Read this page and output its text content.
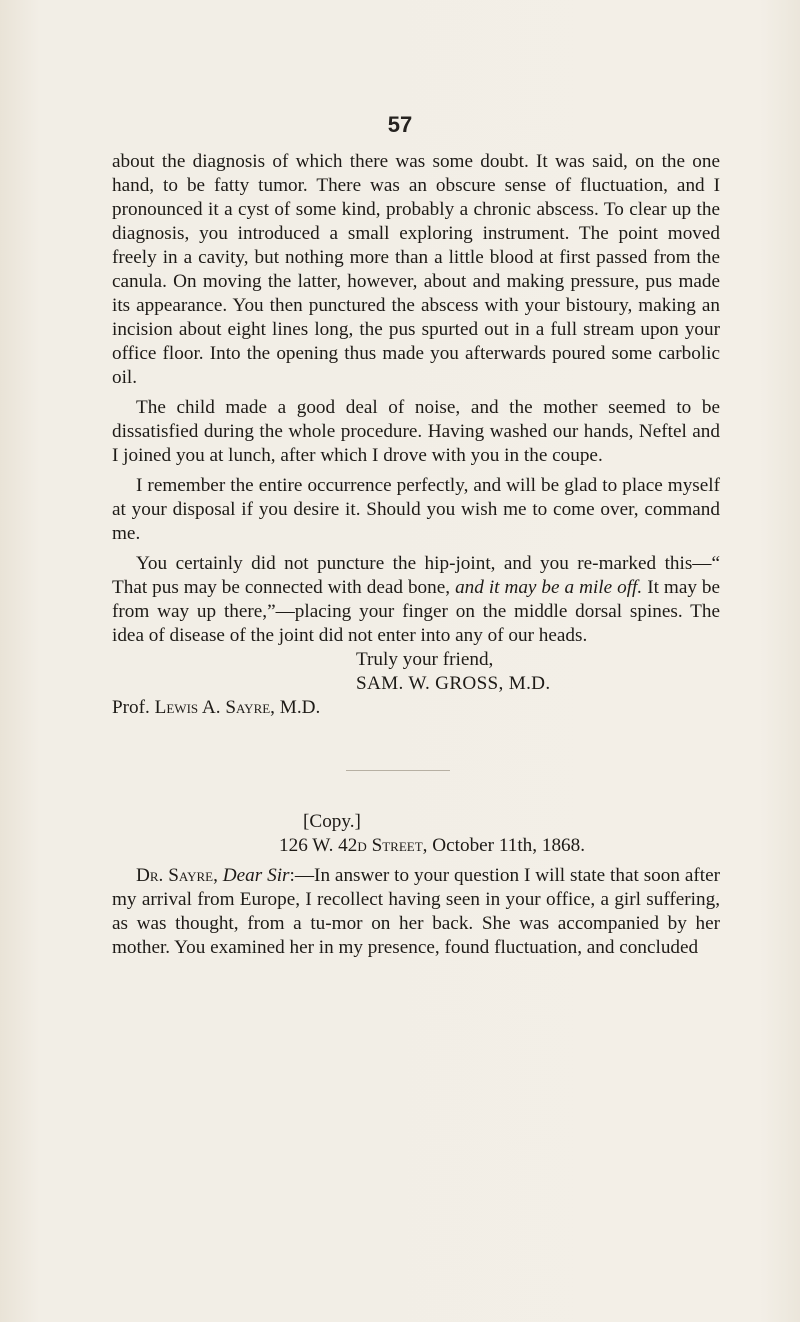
57

about the diagnosis of which there was some doubt. It was said, on the one hand, to be fatty tumor. There was an obscure sense of fluctuation, and I pronounced it a cyst of some kind, probably a chronic abscess. To clear up the diagnosis, you introduced a small exploring instrument. The point moved freely in a cavity, but nothing more than a little blood at first passed from the canula. On moving the latter, however, about and making pressure, pus made its appearance. You then punctured the abscess with your bistoury, making an incision about eight lines long, the pus spurted out in a full stream upon your office floor. Into the opening thus made you afterwards poured some carbolic oil.

The child made a good deal of noise, and the mother seemed to be dissatisfied during the whole procedure. Having washed our hands, Neftel and I joined you at lunch, after which I drove with you in the coupe.

I remember the entire occurrence perfectly, and will be glad to place myself at your disposal if you desire it. Should you wish me to come over, command me.

You certainly did not puncture the hip-joint, and you re-marked this—“ That pus may be connected with dead bone, and it may be a mile off. It may be from way up there,”—placing your finger on the middle dorsal spines. The idea of disease of the joint did not enter into any of our heads.

Truly your friend,

SAM. W. GROSS, M.D.

Prof. Lewis A. Sayre, M.D.

[Copy.]

126 W. 42d Street, October 11th, 1868.

Dr. Sayre, Dear Sir:—In answer to your question I will state that soon after my arrival from Europe, I recollect having seen in your office, a girl suffering, as was thought, from a tu-mor on her back. She was accompanied by her mother. You examined her in my presence, found fluctuation, and concluded
